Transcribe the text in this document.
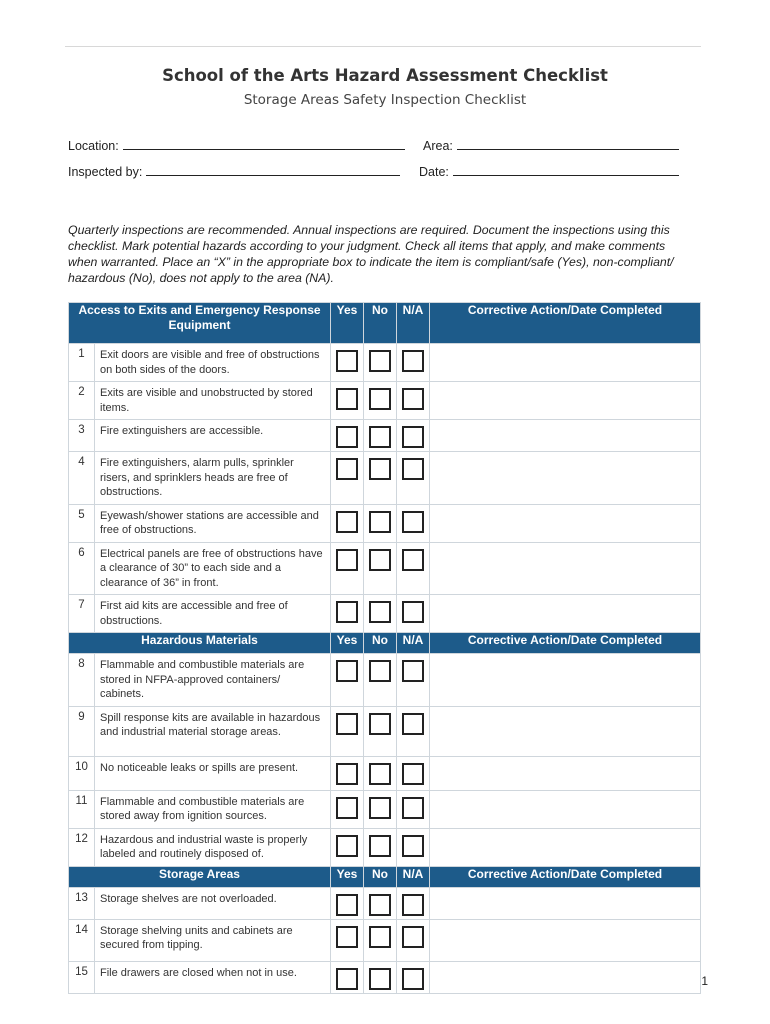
School of the Arts Hazard Assessment Checklist
Storage Areas Safety Inspection Checklist
Location:	Area:
Inspected by:	Date:
Quarterly inspections are recommended. Annual inspections are required. Document the inspections using this checklist. Mark potential hazards according to your judgment. Check all items that apply, and make comments when warranted. Place an “X” in the appropriate box to indicate the item is compliant/safe (Yes), non-compliant/ hazardous (No), does not apply to the area (NA).
Access to Exits and Emergency Response Equipment		Yes	No	N/A	Corrective Action/Date Completed
1	Exit doors are visible and free of obstructions on both sides of the doors.				
2	Exits are visible and unobstructed by stored items.				
3	Fire extinguishers are accessible.				
4	Fire extinguishers, alarm pulls, sprinkler risers, and sprinklers heads are free of obstructions.				
5	Eyewash/shower stations are accessible and free of obstructions.				
6	Electrical panels are free of obstructions have a clearance of 30” to each side and a clearance of 36” in front.				
7	First aid kits are accessible and free of obstructions.				
Hazardous Materials		Yes	No	N/A	Corrective Action/Date Completed
8	Flammable and combustible materials are stored in NFPA-approved containers/ cabinets.				
9	Spill response kits are available in hazardous and industrial material storage areas.				
10	No noticeable leaks or spills are present.				
11	Flammable and combustible materials are stored away from ignition sources.				
12	Hazardous and industrial waste is properly labeled and routinely disposed of.				
Storage Areas		Yes	No	N/A	Corrective Action/Date Completed
13	Storage shelves are not overloaded.				
14	Storage shelving units and cabinets are secured from tipping.				
15	File drawers are closed when not in use.				
1
